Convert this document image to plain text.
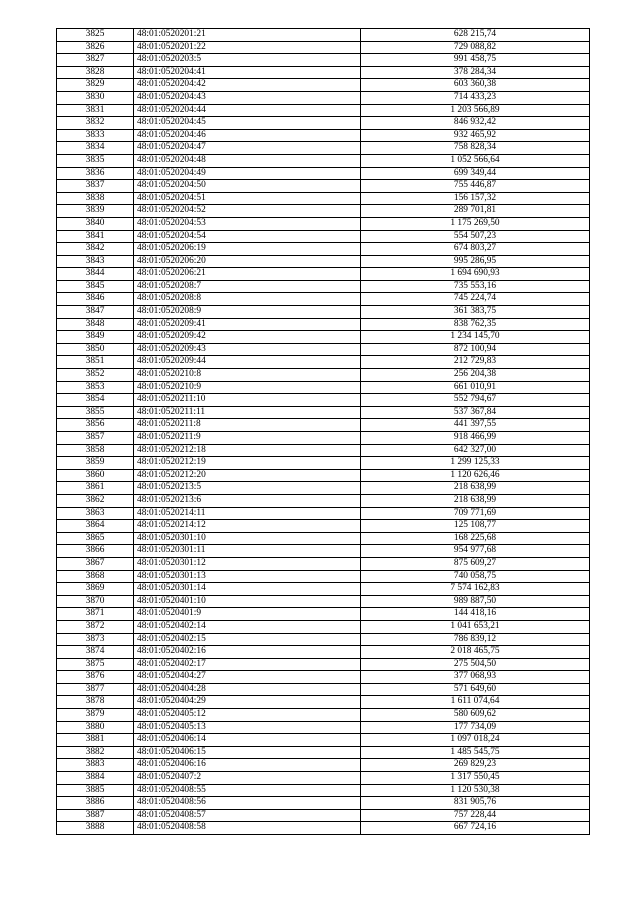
3825	48:01:0520201:21	628 215,74
3826	48:01:0520201:22	729 088,82
3827	48:01:0520203:5	991 458,75
3828	48:01:0520204:41	378 284,34
3829	48:01:0520204:42	603 360,38
3830	48:01:0520204:43	714 433,23
3831	48:01:0520204:44	1 203 566,89
3832	48:01:0520204:45	846 932,42
3833	48:01:0520204:46	932 465,92
3834	48:01:0520204:47	758 828,34
3835	48:01:0520204:48	1 052 566,64
3836	48:01:0520204:49	699 349,44
3837	48:01:0520204:50	755 446,87
3838	48:01:0520204:51	156 157,32
3839	48:01:0520204:52	289 701,81
3840	48:01:0520204:53	1 175 269,50
3841	48:01:0520204:54	554 507,23
3842	48:01:0520206:19	674 803,27
3843	48:01:0520206:20	995 286,95
3844	48:01:0520206:21	1 694 690,93
3845	48:01:0520208:7	735 553,16
3846	48:01:0520208:8	745 224,74
3847	48:01:0520208:9	361 383,75
3848	48:01:0520209:41	838 762,35
3849	48:01:0520209:42	1 234 145,70
3850	48:01:0520209:43	872 100,94
3851	48:01:0520209:44	212 729,83
3852	48:01:0520210:8	256 204,38
3853	48:01:0520210:9	661 010,91
3854	48:01:0520211:10	552 794,67
3855	48:01:0520211:11	537 367,84
3856	48:01:0520211:8	441 397,55
3857	48:01:0520211:9	918 466,99
3858	48:01:0520212:18	642 327,00
3859	48:01:0520212:19	1 299 125,33
3860	48:01:0520212:20	1 120 626,46
3861	48:01:0520213:5	218 638,99
3862	48:01:0520213:6	218 638,99
3863	48:01:0520214:11	709 771,69
3864	48:01:0520214:12	125 108,77
3865	48:01:0520301:10	168 225,68
3866	48:01:0520301:11	954 977,68
3867	48:01:0520301:12	875 609,27
3868	48:01:0520301:13	740 058,75
3869	48:01:0520301:14	7 574 162,83
3870	48:01:0520401:10	989 887,50
3871	48:01:0520401:9	144 418,16
3872	48:01:0520402:14	1 041 653,21
3873	48:01:0520402:15	786 839,12
3874	48:01:0520402:16	2 018 465,75
3875	48:01:0520402:17	275 504,50
3876	48:01:0520404:27	377 068,93
3877	48:01:0520404:28	571 649,60
3878	48:01:0520404:29	1 611 074,64
3879	48:01:0520405:12	580 609,62
3880	48:01:0520405:13	177 734,09
3881	48:01:0520406:14	1 097 018,24
3882	48:01:0520406:15	1 485 545,75
3883	48:01:0520406:16	269 829,23
3884	48:01:0520407:2	1 317 550,45
3885	48:01:0520408:55	1 120 530,38
3886	48:01:0520408:56	831 905,76
3887	48:01:0520408:57	757 228,44
3888	48:01:0520408:58	667 724,16
